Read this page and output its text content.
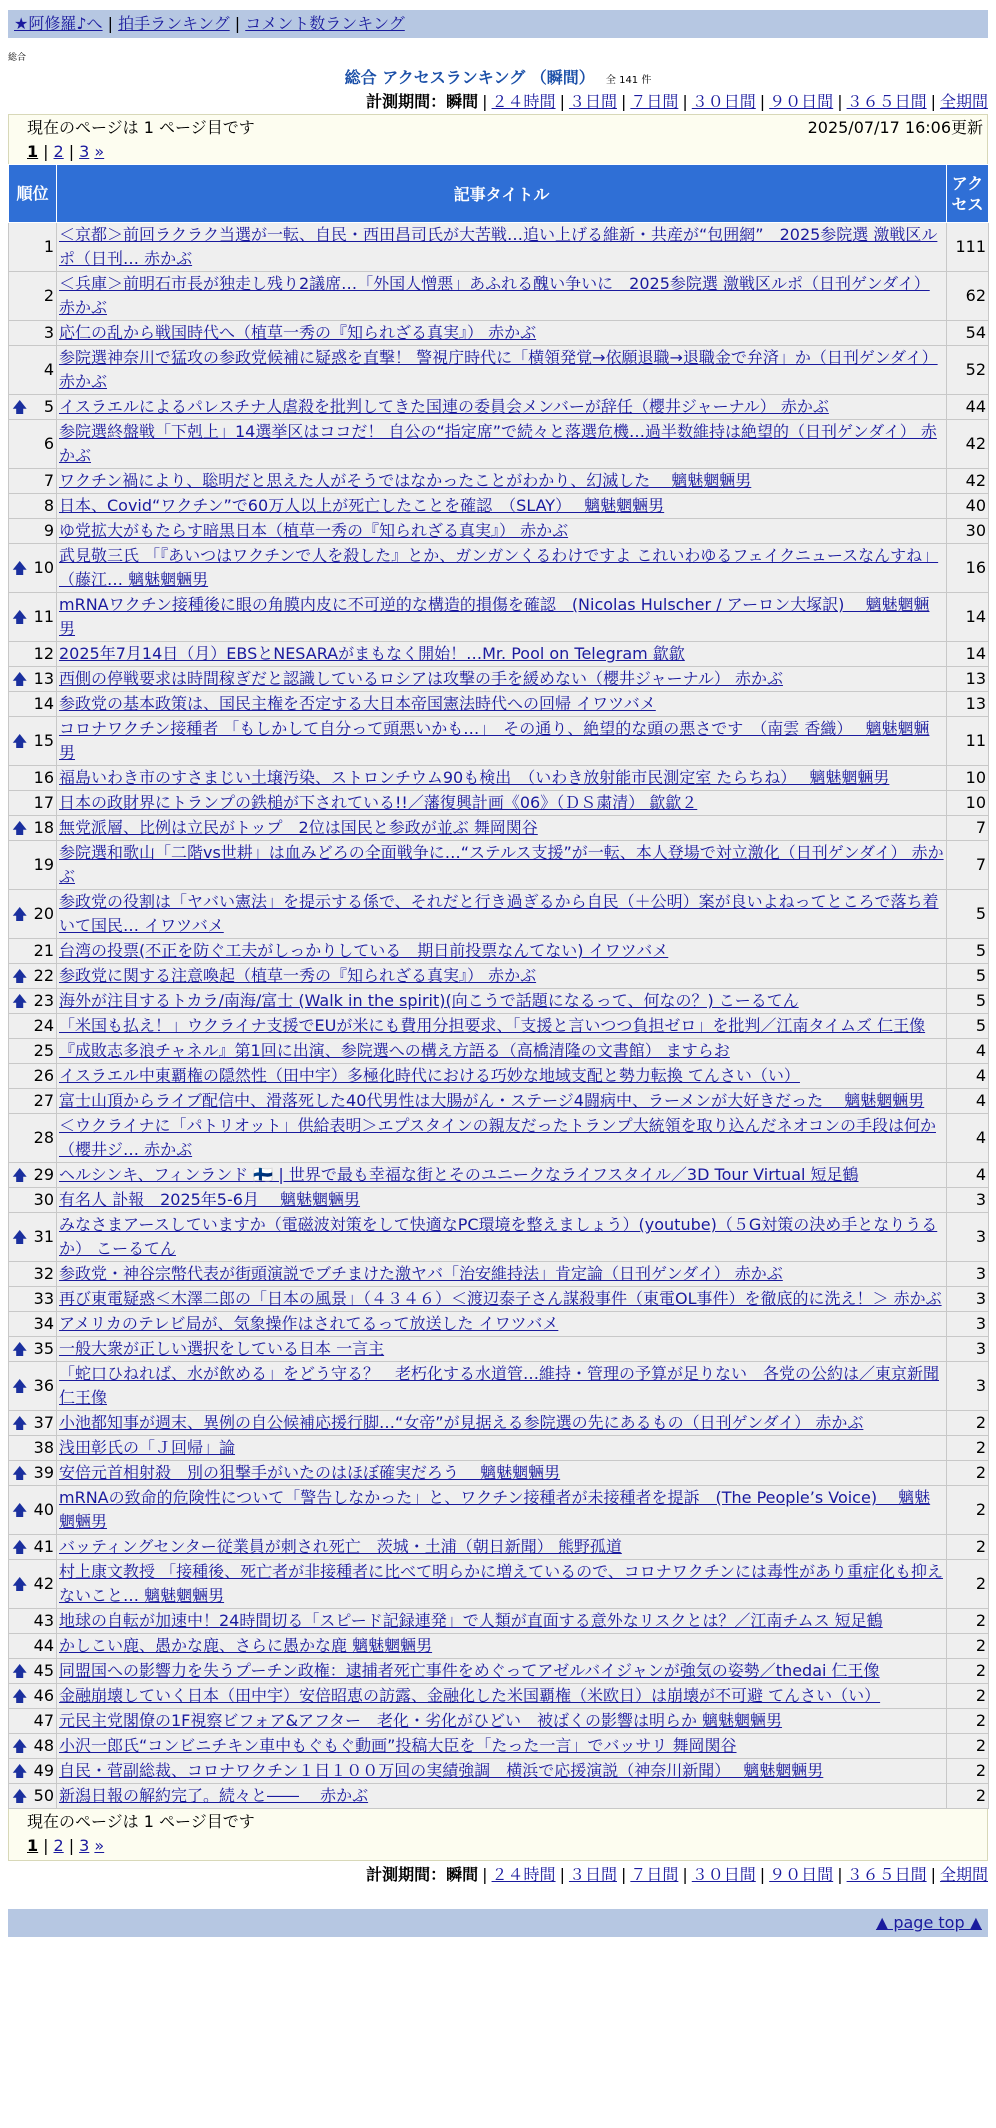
★阿修羅♪へ | 拍手ランキング | コメント数ランキング
総合
総合 アクセスランキング （瞬間） 全 141 件
計測期間：瞬間 | ２４時間 | ３日間 | ７日間 | ３０日間 | ９０日間 | ３６５日間 | 全期間
現在のページは 1 ページ目です	2025/07/17 16:06更新
1 | 2 | 3 »
順位	記事タイトル	アクセス
1	＜京都＞前回ラクラク当選が一転、自民・西田昌司氏が大苦戦…追い上げる維新・共産が“包囲網”　2025参院選 激戦区ルポ（日刊… 赤かぶ	111
2	＜兵庫＞前明石市長が独走し残り2議席…「外国人憎悪」あふれる醜い争いに　2025参院選 激戦区ルポ（日刊ゲンダイ） 赤かぶ	62
3	応仁の乱から戦国時代へ（植草一秀の『知られざる真実』） 赤かぶ	54
4	参院選神奈川で猛攻の参政党候補に疑惑を直撃！ 警視庁時代に「横領発覚→依願退職→退職金で弁済」か（日刊ゲンダイ） 赤かぶ	52

🡅 5	イスラエルによるパレスチナ人虐殺を批判してきた国連の委員会メンバーが辞任（櫻井ジャーナル） 赤かぶ	44
6	参院選終盤戦「下剋上」14選挙区はココだ！ 自公の“指定席”で続々と落選危機…過半数維持は絶望的（日刊ゲンダイ） 赤かぶ	42
7	ワクチン禍により、聡明だと思えた人がそうではなかったことがわかり、幻滅した　 魑魅魍魎男	42
8	日本、Covid“ワクチン”で60万人以上が死亡したことを確認　（SLAY）　 魑魅魍魎男	40
9	ゆ党拡大がもたらす暗黒日本（植草一秀の『知られざる真実』） 赤かぶ	30

🡅 10	武見敬三氏 「『あいつはワクチンで人を殺した』とか、ガンガンくるわけですよ これいわゆるフェイクニュースなんすね」（藤江… 魑魅魍魎男	16

🡅 11	mRNAワクチン接種後に眼の角膜内皮に不可逆的な構造的損傷を確認　(Nicolas Hulscher / アーロン大塚訳)　 魑魅魍魎男	14
12	2025年7月14日（月）EBSとNESARAがまもなく開始！…Mr. Pool on Telegram 歙歙	14

🡅 13	西側の停戦要求は時間稼ぎだと認識しているロシアは攻撃の手を緩めない（櫻井ジャーナル） 赤かぶ	13
14	参政党の基本政策は、国民主権を否定する大日本帝国憲法時代への回帰 イワツバメ	13

🡅 15	コロナワクチン接種者 「もしかして自分って頭悪いかも…」　その通り、絶望的な頭の悪さです　（南雲 香織）　 魑魅魍魎男	11
16	福島いわき市のすさまじい土壌汚染、ストロンチウム90も検出　（いわき放射能市民測定室 たらちね）　 魑魅魍魎男	10
17	日本の政財界にトランプの鉄槌が下されている!!／藩復興計画《06》（ＤＳ粛清） 歙歙２	10

🡅 18	無党派層、比例は立民がトップ　2位は国民と参政が並ぶ 舞岡関谷	7
19	参院選和歌山「二階vs世耕」は血みどろの全面戦争に…“ステルス支援”が一転、本人登場で対立激化（日刊ゲンダイ） 赤かぶ	7

🡅 20	参政党の役割は「ヤバい憲法」を提示する係で、それだと行き過ぎるから自民（＋公明）案が良いよねってところで落ち着いて国民… イワツバメ	5
21	台湾の投票(不正を防ぐ工夫がしっかりしている　期日前投票なんてない) イワツバメ	5

🡅 22	参政党に関する注意喚起（植草一秀の『知られざる真実』） 赤かぶ	5

🡅 23	海外が注目するトカラ/南海/富士 (Walk in the spirit)(向こうで話題になるって、何なの？) こーるてん	5
24	「米国も払え！」ウクライナ支援でEUが米にも費用分担要求、「支援と言いつつ負担ゼロ」を批判／江南タイムズ 仁王像	5
25	『成敗志多浪チャネル』第1回に出演、参院選への構え方語る（高橋清隆の文書館） ますらお	4
26	イスラエル中東覇権の隠然性（田中宇）多極化時代における巧妙な地域支配と勢力転換 てんさい（い）	4
27	富士山頂からライブ配信中、滑落死した40代男性は大腸がん・ステージ4闘病中、ラーメンが大好きだった　 魑魅魍魎男	4
28	＜ウクライナに「パトリオット」供給表明＞エプスタインの親友だったトランプ大統領を取り込んだネオコンの手段は何か（櫻井ジ… 赤かぶ	4

🡅 29	ヘルシンキ、フィンランド 🇫🇮 | 世界で最も幸福な街とそのユニークなライフスタイル／3D Tour Virtual 短足鶴	4
30	有名人 訃報　2025年5-6月　 魑魅魍魎男	3

🡅 31	みなさまアースしていますか（電磁波対策をして快適なPC環境を整えましょう）(youtube)（５G対策の決め手となりうるか） こーるてん	3
32	参政党・神谷宗幣代表が街頭演説でブチまけた激ヤバ「治安維持法」肯定論（日刊ゲンダイ） 赤かぶ	3
33	再び東電疑惑＜木澤二郎の「日本の風景」（４３４６）＜渡辺泰子さん謀殺事件（東電OL事件）を徹底的に洗え！＞ 赤かぶ	3
34	アメリカのテレビ局が、気象操作はされてるって放送した イワツバメ	3

🡅 35	一般大衆が正しい選択をしている日本 一言主	3

🡅 36	「蛇口ひねれば、水が飲める」をどう守る？　老朽化する水道管…維持・管理の予算が足りない　各党の公約は／東京新聞 仁王像	3

🡅 37	小池都知事が週末、異例の自公候補応援行脚…“女帝”が見据える参院選の先にあるもの（日刊ゲンダイ） 赤かぶ	2
38	浅田彰氏の「Ｊ回帰」論	2

🡅 39	安倍元首相射殺　別の狙撃手がいたのはほぼ確実だろう　 魑魅魍魎男	2

🡅 40	mRNAの致命的危険性について「警告しなかった」と、ワクチン接種者が未接種者を提訴　(The People’s Voice)　 魑魅魍魎男	2

🡅 41	バッティングセンター従業員が刺され死亡　茨城・土浦（朝日新聞） 熊野孤道	2

🡅 42	村上康文教授 「接種後、死亡者が非接種者に比べて明らかに増えているので、コロナワクチンには毒性があり重症化も抑えないこと… 魑魅魍魎男	2
43	地球の自転が加速中！24時間切る「スピード記録連発」で人類が直面する意外なリスクとは？／江南チムス 短足鶴	2
44	かしこい鹿、愚かな鹿、さらに愚かな鹿 魑魅魍魎男	2

🡅 45	同盟国への影響力を失うプーチン政権：逮捕者死亡事件をめぐってアゼルバイジャンが強気の姿勢／thedai 仁王像	2

🡅 46	金融崩壊していく日本（田中宇）安倍昭恵の訪露、金融化した米国覇権（米欧日）は崩壊が不可避 てんさい（い）	2
47	元民主党閣僚の1F視察ビフォア&アフター　老化・劣化がひどい　被ばくの影響は明らか 魑魅魍魎男	2

🡅 48	小沢一郎氏“コンビニチキン車中もぐもぐ動画”投稿大臣を「たった一言」でバッサリ 舞岡関谷	2

🡅 49	自民・菅副総裁、コロナワクチン１日１００万回の実績強調　横浜で応援演説（神奈川新聞）　 魑魅魍魎男	2

🡅 50	新潟日報の解約完了。続々と――　 赤かぶ	2
現在のページは 1 ページ目です
1 | 2 | 3 »
計測期間：瞬間 | ２４時間 | ３日間 | ７日間 | ３０日間 | ９０日間 | ３６５日間 | 全期間
▲ page top ▲
